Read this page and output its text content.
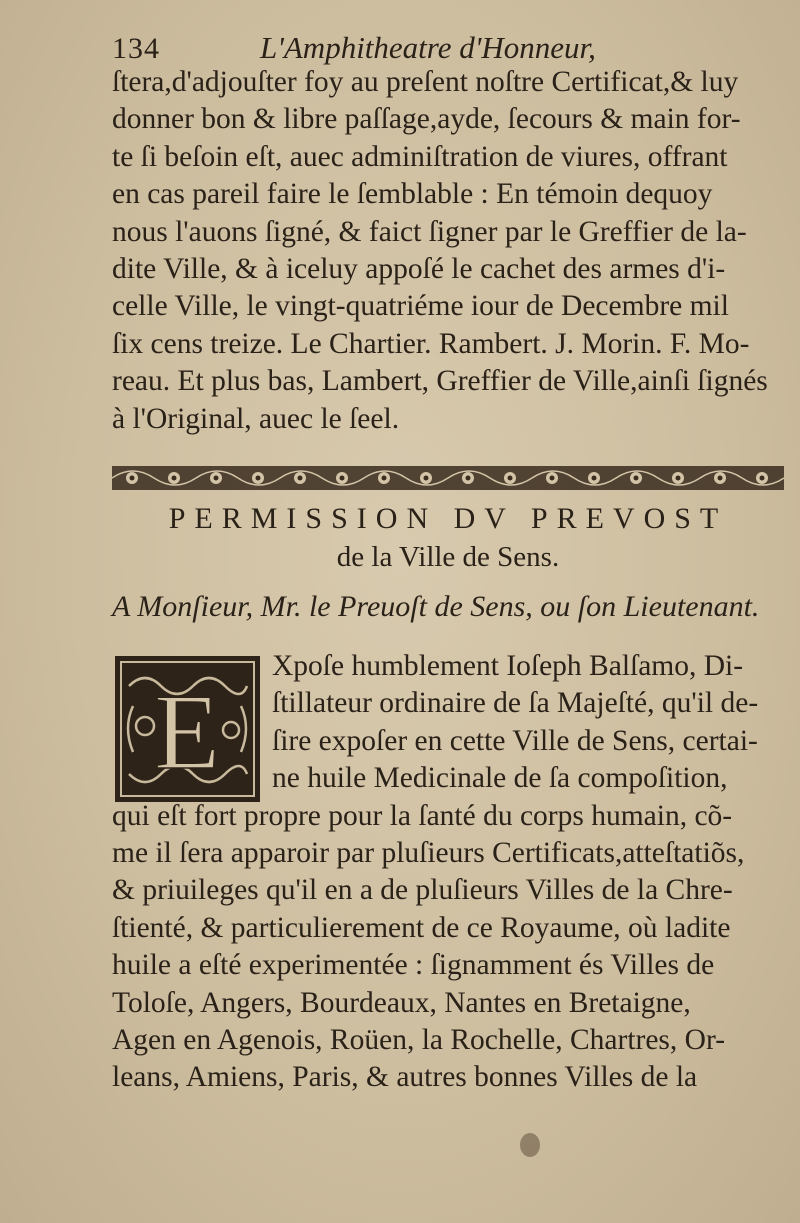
134	L'Amphitheatre d'Honneur,
ſtera,d'adjouſter foy au preſent noſtre Certificat,& luy
donner bon & libre paſſage,ayde, ſecours & main for-
te ſi beſoin eſt, auec adminiſtration de viures, offrant
en cas pareil faire le ſemblable : En témoin dequoy
nous l'auons ſigné, & faict ſigner par le Greffier de la-
dite Ville, & à iceluy appoſé le cachet des armes d'i-
celle Ville, le vingt-quatriéme iour de Decembre mil
ſix cens treize. Le Chartier. Rambert. J. Morin. F. Mo-
reau. Et plus bas, Lambert, Greffier de Ville,ainſi ſignés
à l'Original, auec le ſeel.
PERMISSION DV PREVOST
de la Ville de Sens.
A Monſieur, Mr. le Preuoſt de Sens, ou ſon Lieutenant.
E
Xpoſe humblement Ioſeph Balſamo, Di-
ſtillateur ordinaire de ſa Majeſté, qu'il de-
ſire expoſer en cette Ville de Sens, certai-
ne huile Medicinale de ſa compoſition,
qui eſt fort propre pour la ſanté du corps humain, cõ-
me il ſera apparoir par pluſieurs Certificats,atteſtatiõs,
& priuileges qu'il en a de pluſieurs Villes de la Chre-
ſtienté, & particulierement de ce Royaume, où ladite
huile a eſté experimentée : ſignamment és Villes de
Toloſe, Angers, Bourdeaux, Nantes en Bretaigne,
Agen en Agenois, Roüen, la Rochelle, Chartres, Or-
leans, Amiens, Paris, & autres bonnes Villes de la
